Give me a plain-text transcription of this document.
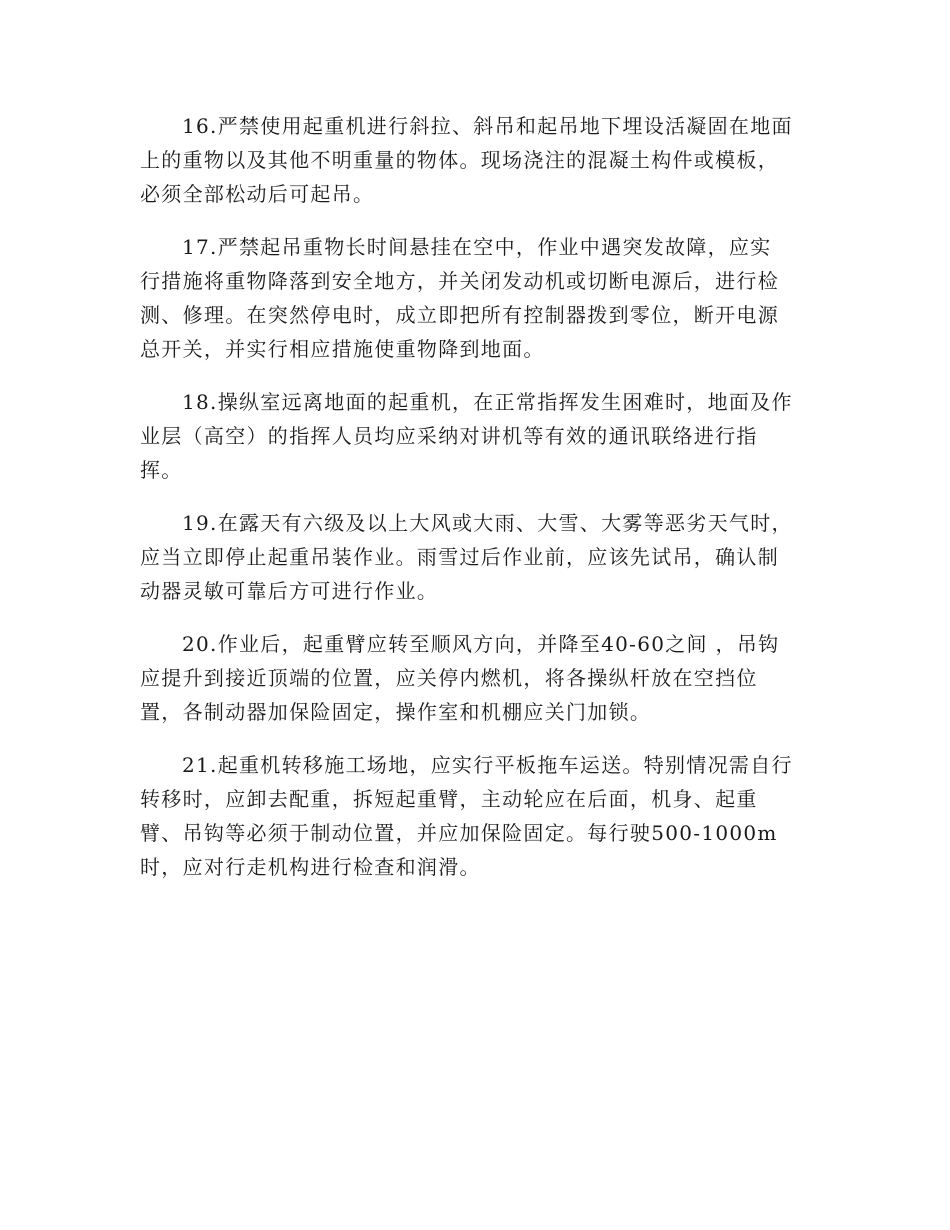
16.严禁使用起重机进行斜拉、斜吊和起吊地下埋设活凝固在地面
上的重物以及其他不明重量的物体。现场浇注的混凝土构件或模板，
必须全部松动后可起吊。
17.严禁起吊重物长时间悬挂在空中，作业中遇突发故障，应实
行措施将重物降落到安全地方，并关闭发动机或切断电源后，进行检
测、修理。在突然停电时，成立即把所有控制器拨到零位，断开电源
总开关，并实行相应措施使重物降到地面。
18.操纵室远离地面的起重机，在正常指挥发生困难时，地面及作
业层（高空）的指挥人员均应采纳对讲机等有效的通讯联络进行指
挥。
19.在露天有六级及以上大风或大雨、大雪、大雾等恶劣天气时，
应当立即停止起重吊装作业。雨雪过后作业前，应该先试吊，确认制
动器灵敏可靠后方可进行作业。
20.作业后，起重臂应转至顺风方向，并降至40-60之间 ，吊钩
应提升到接近顶端的位置，应关停内燃机，将各操纵杆放在空挡位
置，各制动器加保险固定，操作室和机棚应关门加锁。
21.起重机转移施工场地，应实行平板拖车运送。特别情况需自行
转移时，应卸去配重，拆短起重臂，主动轮应在后面，机身、起重
臂、吊钩等必须于制动位置，并应加保险固定。每行驶500-1000m
时，应对行走机构进行检查和润滑。
